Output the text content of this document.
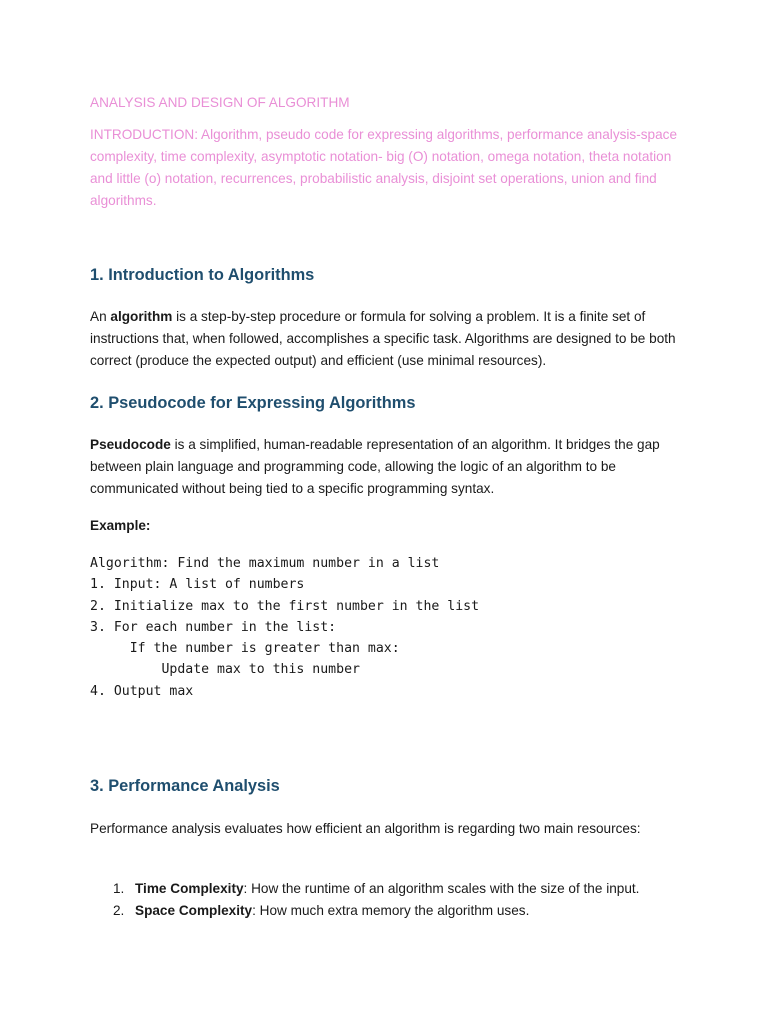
ANALYSIS AND DESIGN OF ALGORITHM

INTRODUCTION: Algorithm, pseudo code for expressing algorithms, performance analysis-space complexity, time complexity, asymptotic notation- big (O) notation, omega notation, theta notation and little (o) notation, recurrences, probabilistic analysis, disjoint set operations, union and find algorithms.

1. Introduction to Algorithms

An algorithm is a step-by-step procedure or formula for solving a problem. It is a finite set of instructions that, when followed, accomplishes a specific task. Algorithms are designed to be both correct (produce the expected output) and efficient (use minimal resources).

2. Pseudocode for Expressing Algorithms

Pseudocode is a simplified, human-readable representation of an algorithm. It bridges the gap between plain language and programming code, allowing the logic of an algorithm to be communicated without being tied to a specific programming syntax.

Example:

Algorithm: Find the maximum number in a list
1. Input: A list of numbers
2. Initialize max to the first number in the list
3. For each number in the list:
If the number is greater than max:
Update max to this number
4. Output max
3. Performance Analysis

Performance analysis evaluates how efficient an algorithm is regarding two main resources:

1. Time Complexity: How the runtime of an algorithm scales with the size of the input.
2. Space Complexity: How much extra memory the algorithm uses.
